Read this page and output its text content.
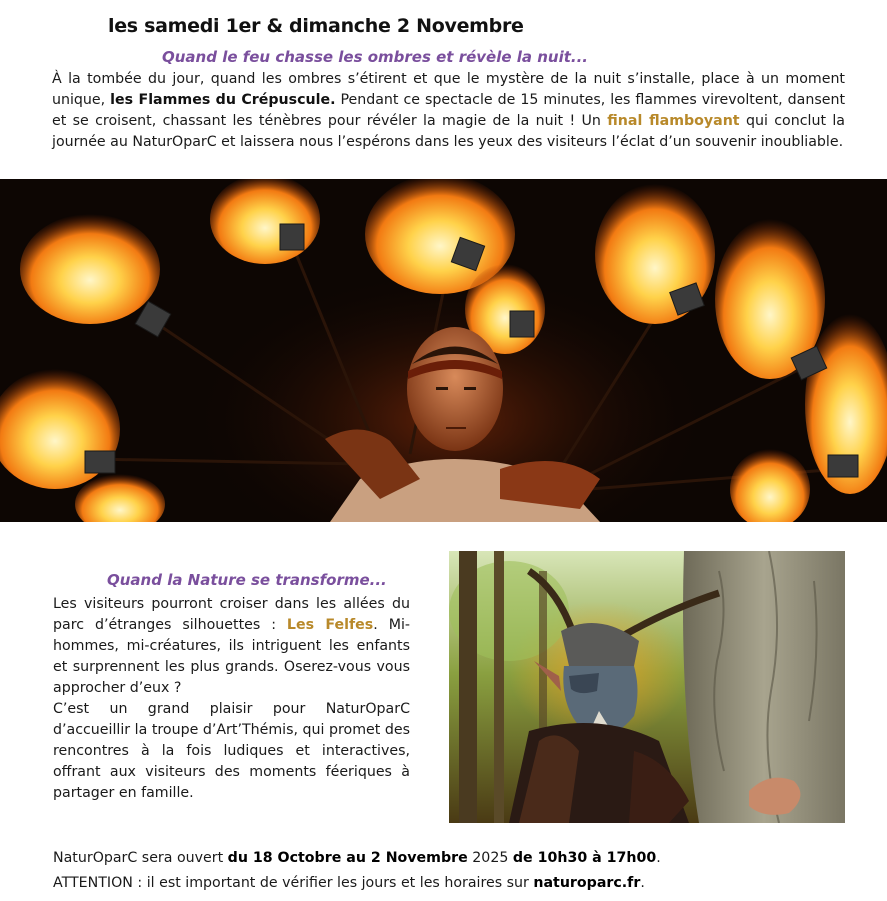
les samedi 1er & dimanche 2 Novembre
Quand le feu chasse les ombres et révèle la nuit...
À la tombée du jour, quand les ombres s’étirent et que le mystère de la nuit s’installe, place à un moment unique, les Flammes du Crépuscule. Pendant ce spectacle de 15 minutes, les flammes virevoltent, dansent et se croisent, chassant les ténèbres pour révéler la magie de la nuit ! Un final flamboyant qui conclut la journée au NaturOparC et laissera nous l’espérons dans les yeux des visiteurs l’éclat d’un souvenir inoubliable.
Quand la Nature se transforme...
Les visiteurs pourront croiser dans les allées du parc d’étranges silhouettes : Les Felfes. Mi-hommes, mi-créatures, ils intriguent les enfants et surprennent les plus grands. Oserez-vous vous approcher d’eux ?
C’est un grand plaisir pour NaturOparC d’accueillir la troupe d’Art’Thémis, qui promet des rencontres à la fois ludiques et interactives, offrant aux visiteurs des moments féeriques à partager en famille.
NaturOparC sera ouvert du 18 Octobre au 2 Novembre 2025 de 10h30 à 17h00.
ATTENTION : il est important de vérifier les jours et les horaires sur naturoparc.fr.
